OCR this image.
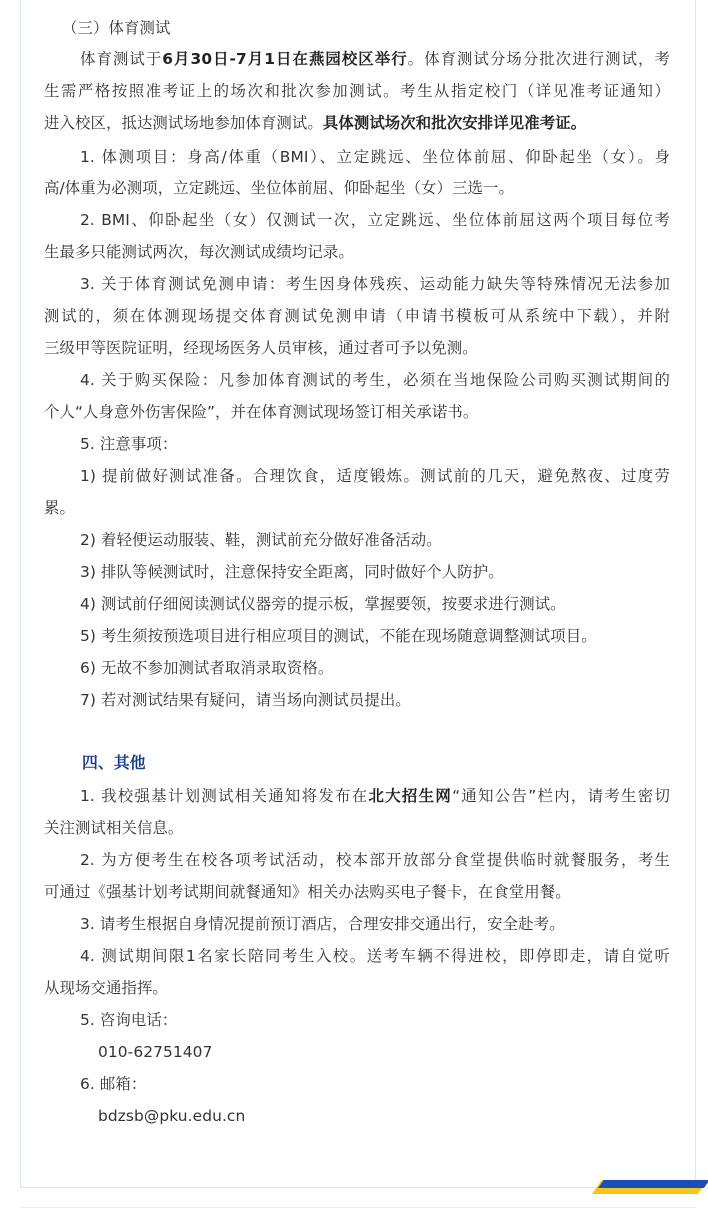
（三）体育测试
体育测试于6月30日-7月1日在燕园校区举行。体育测试分场分批次进行测试，考
生需严格按照准考证上的场次和批次参加测试。考生从指定校门（详见准考证通知）
进入校区，抵达测试场地参加体育测试。具体测试场次和批次安排详见准考证。
1. 体测项目：身高/体重（BMI）、立定跳远、坐位体前屈、仰卧起坐（女）。身
高/体重为必测项，立定跳远、坐位体前屈、仰卧起坐（女）三选一。
2. BMI、仰卧起坐（女）仅测试一次，立定跳远、坐位体前屈这两个项目每位考
生最多只能测试两次，每次测试成绩均记录。
3. 关于体育测试免测申请：考生因身体残疾、运动能力缺失等特殊情况无法参加
测试的，须在体测现场提交体育测试免测申请（申请书模板可从系统中下载），并附
三级甲等医院证明，经现场医务人员审核，通过者可予以免测。
4. 关于购买保险：凡参加体育测试的考生，必须在当地保险公司购买测试期间的
个人“人身意外伤害保险”，并在体育测试现场签订相关承诺书。
5. 注意事项：
1) 提前做好测试准备。合理饮食，适度锻炼。测试前的几天，避免熬夜、过度劳
累。
2) 着轻便运动服装、鞋，测试前充分做好准备活动。
3) 排队等候测试时，注意保持安全距离，同时做好个人防护。
4) 测试前仔细阅读测试仪器旁的提示板，掌握要领，按要求进行测试。
5) 考生须按预选项目进行相应项目的测试，不能在现场随意调整测试项目。
6) 无故不参加测试者取消录取资格。
7) 若对测试结果有疑问，请当场向测试员提出。
四、其他
1. 我校强基计划测试相关通知将发布在北大招生网“通知公告”栏内，请考生密切
关注测试相关信息。
2. 为方便考生在校各项考试活动，校本部开放部分食堂提供临时就餐服务，考生
可通过《强基计划考试期间就餐通知》相关办法购买电子餐卡，在食堂用餐。
3. 请考生根据自身情况提前预订酒店，合理安排交通出行，安全赴考。
4. 测试期间限1名家长陪同考生入校。送考车辆不得进校，即停即走，请自觉听
从现场交通指挥。
5. 咨询电话：
010-62751407
6. 邮箱：
bdzsb@pku.edu.cn
